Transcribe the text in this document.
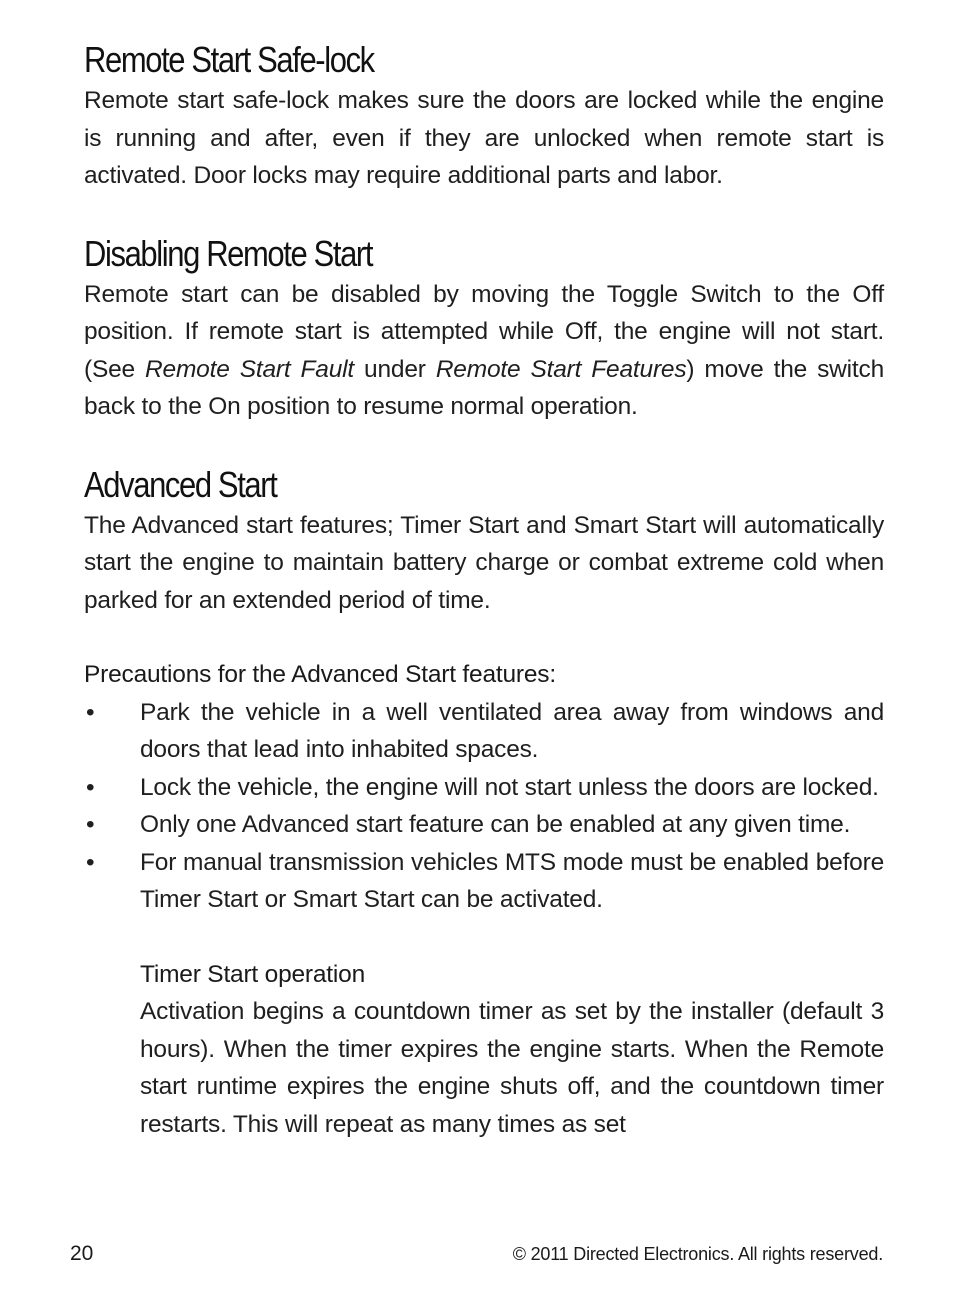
Remote Start Safe-lock

Remote start safe-lock makes sure the doors are locked while the engine is running and after, even if they are unlocked when remote start is activated. Door locks may require additional parts and labor.

Disabling Remote Start

Remote start can be disabled by moving the Toggle Switch to the Off position. If remote start is attempted while Off, the engine will not start. (See Remote Start Fault under Remote Start Features) move the switch back to the On position to resume normal operation.

Advanced Start

The Advanced start features; Timer Start and Smart Start will automatically start the engine to maintain battery charge or combat extreme cold when parked for an extended period of time.

Precautions for the Advanced Start features:

•	Park the vehicle in a well ventilated area away from windows and doors that lead into inhabited spaces.
•	Lock the vehicle, the engine will not start unless the doors are locked.
•	Only one Advanced start feature can be enabled at any given time.
•	For manual transmission vehicles MTS mode must be enabled before Timer Start or Smart Start can be activated.

Timer Start operation

Activation begins a countdown timer as set by the installer (default 3 hours). When the timer expires the engine starts. When the Remote start runtime expires the engine shuts off, and the countdown timer restarts. This will repeat as many times as set

20	© 2011 Directed Electronics. All rights reserved.
